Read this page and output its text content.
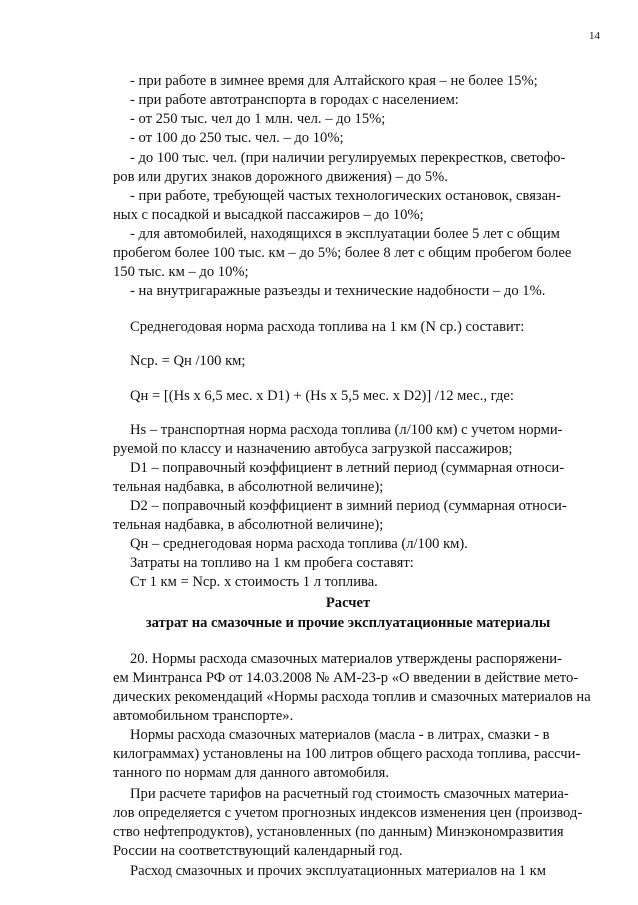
14
- при работе в зимнее время для Алтайского края – не более 15%;
- при работе автотранспорта в городах с населением:
- от 250 тыс. чел до 1 млн. чел. – до 15%;
- от 100 до 250 тыс. чел. – до 10%;
- до 100 тыс. чел. (при наличии регулируемых перекрестков, светофо-
ров или других знаков дорожного движения) – до 5%.
- при работе, требующей частых технологических остановок, связан-
ных с посадкой и высадкой пассажиров – до 10%;
- для автомобилей, находящихся в эксплуатации более 5 лет с общим
пробегом более 100 тыс. км – до 5%; более 8 лет с общим пробегом более
150 тыс. км – до 10%;
- на внутригаражные разъезды и технические надобности – до 1%.
Среднегодовая норма расхода топлива на 1 км (N ср.) составит:
Ncp. = Qн /100 км;
Qн = [(Hs x 6,5 мес. x D1) + (Hs x 5,5 мес. x D2)] /12 мес., где:
Hs – транспортная норма расхода топлива (л/100 км) с учетом норми-
руемой по классу и назначению автобуса загрузкой пассажиров;
D1 – поправочный коэффициент в летний период (суммарная относи-
тельная надбавка, в абсолютной величине);
D2 – поправочный коэффициент в зимний период (суммарная относи-
тельная надбавка, в абсолютной величине);
Qн – среднегодовая норма расхода топлива (л/100 км).
Затраты на топливо на 1 км пробега составят:
Ст 1 км = Ncp. х стоимость 1 л топлива.
Расчет
затрат на смазочные и прочие эксплуатационные материалы
20. Нормы расхода смазочных материалов утверждены распоряжени-
ем Минтранса РФ от 14.03.2008 № АМ-23-р «О введении в действие мето-
дических рекомендаций «Нормы расхода топлив и смазочных материалов на
автомобильном транспорте».
Нормы расхода смазочных материалов (масла - в литрах, смазки - в
килограммах) установлены на 100 литров общего расхода топлива, рассчи-
танного по нормам для данного автомобиля.
При расчете тарифов на расчетный год стоимость смазочных материа-
лов определяется с учетом прогнозных индексов изменения цен (производ-
ство нефтепродуктов), установленных (по данным) Минэкономразвития
России на соответствующий календарный год.
Расход смазочных и прочих эксплуатационных материалов на 1 км
